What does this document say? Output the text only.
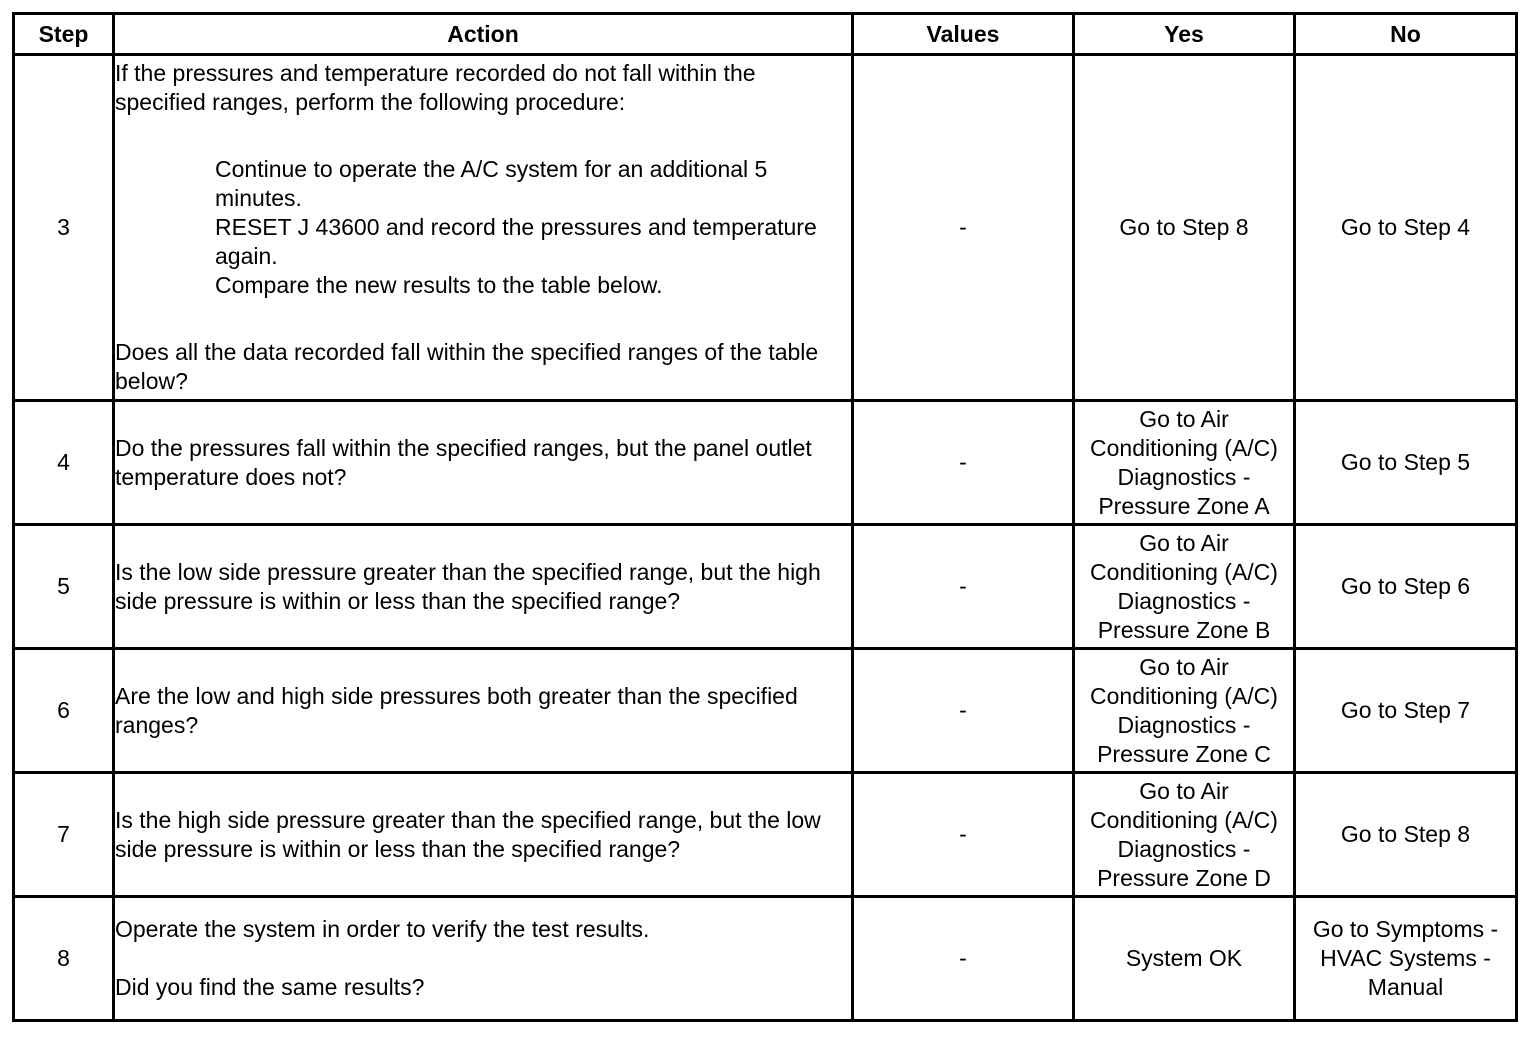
Step	Action	Values	Yes	No
3	If the pressures and temperature recorded do not fall within the specified ranges, perform the following procedure:
Continue to operate the A/C system for an additional 5 minutes.
RESET J 43600 and record the pressures and temperature again.
Compare the new results to the table below.
Does all the data recorded fall within the specified ranges of the table below?	-	Go to Step 8	Go to Step 4

4	Do the pressures fall within the specified ranges, but the panel outlet temperature does not?	-	Go to Air
Conditioning (A/C)
Diagnostics -
Pressure Zone A	Go to Step 5

5	Is the low side pressure greater than the specified range, but the high side pressure is within or less than the specified range?	-	Go to Air
Conditioning (A/C)
Diagnostics -
Pressure Zone B	Go to Step 6

6	Are the low and high side pressures both greater than the specified ranges?	-	Go to Air
Conditioning (A/C)
Diagnostics -
Pressure Zone C	Go to Step 7

7	Is the high side pressure greater than the specified range, but the low side pressure is within or less than the specified range?	-	Go to Air
Conditioning (A/C)
Diagnostics -
Pressure Zone D	Go to Step 8

8	Operate the system in order to verify the test results.
Did you find the same results?	-	System OK	Go to Symptoms -
HVAC Systems -
Manual
